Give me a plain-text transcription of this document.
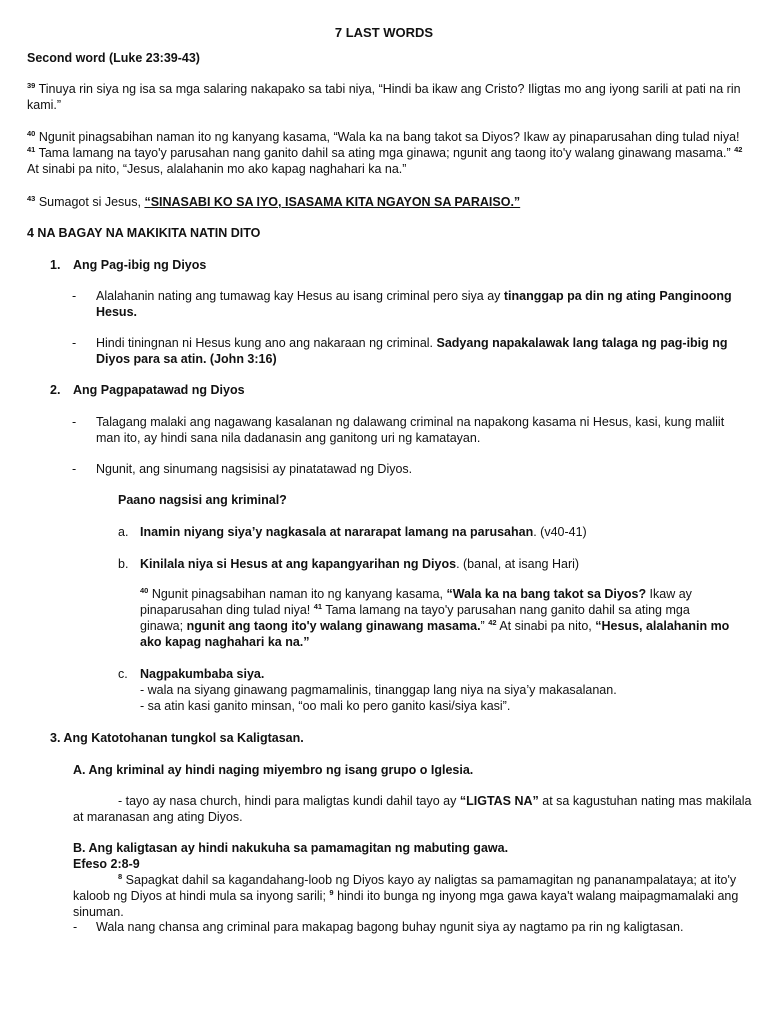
7 LAST WORDS
Second word (Luke 23:39-43)
$^{39}$ Tinuya rin siya ng isa sa mga salaring nakapako sa tabi niya, “Hindi ba ikaw ang Cristo? Iligtas mo ang iyong sarili at pati na rin kami.”
$^{40}$ Ngunit pinagsabihan naman ito ng kanyang kasama, “Wala ka na bang takot sa Diyos? Ikaw ay pinaparusahan ding tulad niya! $^{41}$ Tama lamang na tayo'y parusahan nang ganito dahil sa ating mga ginawa; ngunit ang taong ito'y walang ginawang masama.” $^{42}$ At sinabi pa nito, “Jesus, alalahanin mo ako kapag naghahari ka na.”
$^{43}$ Sumagot si Jesus, “SINASABI KO SA IYO, ISASAMA KITA NGAYON SA PARAISO.”
4 NA BAGAY NA MAKIKITA NATIN DITO
1. Ang Pag-ibig ng Diyos
- Alalahanin nating ang tumawag kay Hesus au isang criminal pero siya ay tinanggap pa din ng ating Panginoong Hesus.
- Hindi tiningnan ni Hesus kung ano ang nakaraan ng criminal. Sadyang napakalawak lang talaga ng pag-ibig ng Diyos para sa atin. (John 3:16)
2. Ang Pagpapatawad ng Diyos
- Talagang malaki ang nagawang kasalanan ng dalawang criminal na napakong kasama ni Hesus, kasi, kung maliit man ito, ay hindi sana nila dadanasin ang ganitong uri ng kamatayan.
- Ngunit, ang sinumang nagsisisi ay pinatatawad ng Diyos.
Paano nagsisi ang kriminal?
a. Inamin niyang siya’y nagkasala at nararapat lamang na parusahan. (v40-41)
b. Kinilala niya si Hesus at ang kapangyarihan ng Diyos. (banal, at isang Hari)
$^{40}$ Ngunit pinagsabihan naman ito ng kanyang kasama, “Wala ka na bang takot sa Diyos? Ikaw ay pinaparusahan ding tulad niya! $^{41}$ Tama lamang na tayo'y parusahan nang ganito dahil sa ating mga ginawa; ngunit ang taong ito'y walang ginawang masama.” $^{42}$ At sinabi pa nito, “Hesus, alalahanin mo ako kapag naghahari ka na.”
c. Nagpakumbaba siya.
- wala na siyang ginawang pagmamalinis, tinanggap lang niya na siya’y makasalanan.
- sa atin kasi ganito minsan, “oo mali ko pero ganito kasi/siya kasi”.
3. Ang Katotohanan tungkol sa Kaligtasan.
A. Ang kriminal ay hindi naging miyembro ng isang grupo o Iglesia.
- tayo ay nasa church, hindi para maligtas kundi dahil tayo ay “LIGTAS NA” at sa kagustuhan nating mas makilala at maranasan ang ating Diyos.
B. Ang kaligtasan ay hindi nakukuha sa pamamagitan ng mabuting gawa.
Efeso 2:8-9
$^8$ Sapagkat dahil sa kagandahang-loob ng Diyos kayo ay naligtas sa pamamagitan ng pananampalataya; at ito'y kaloob ng Diyos at hindi mula sa inyong sarili; $^9$ hindi ito bunga ng inyong mga gawa kaya't walang maipagmamalaki ang sinuman.
- Wala nang chansa ang criminal para makapag bagong buhay ngunit siya ay nagtamo pa rin ng kaligtasan.
